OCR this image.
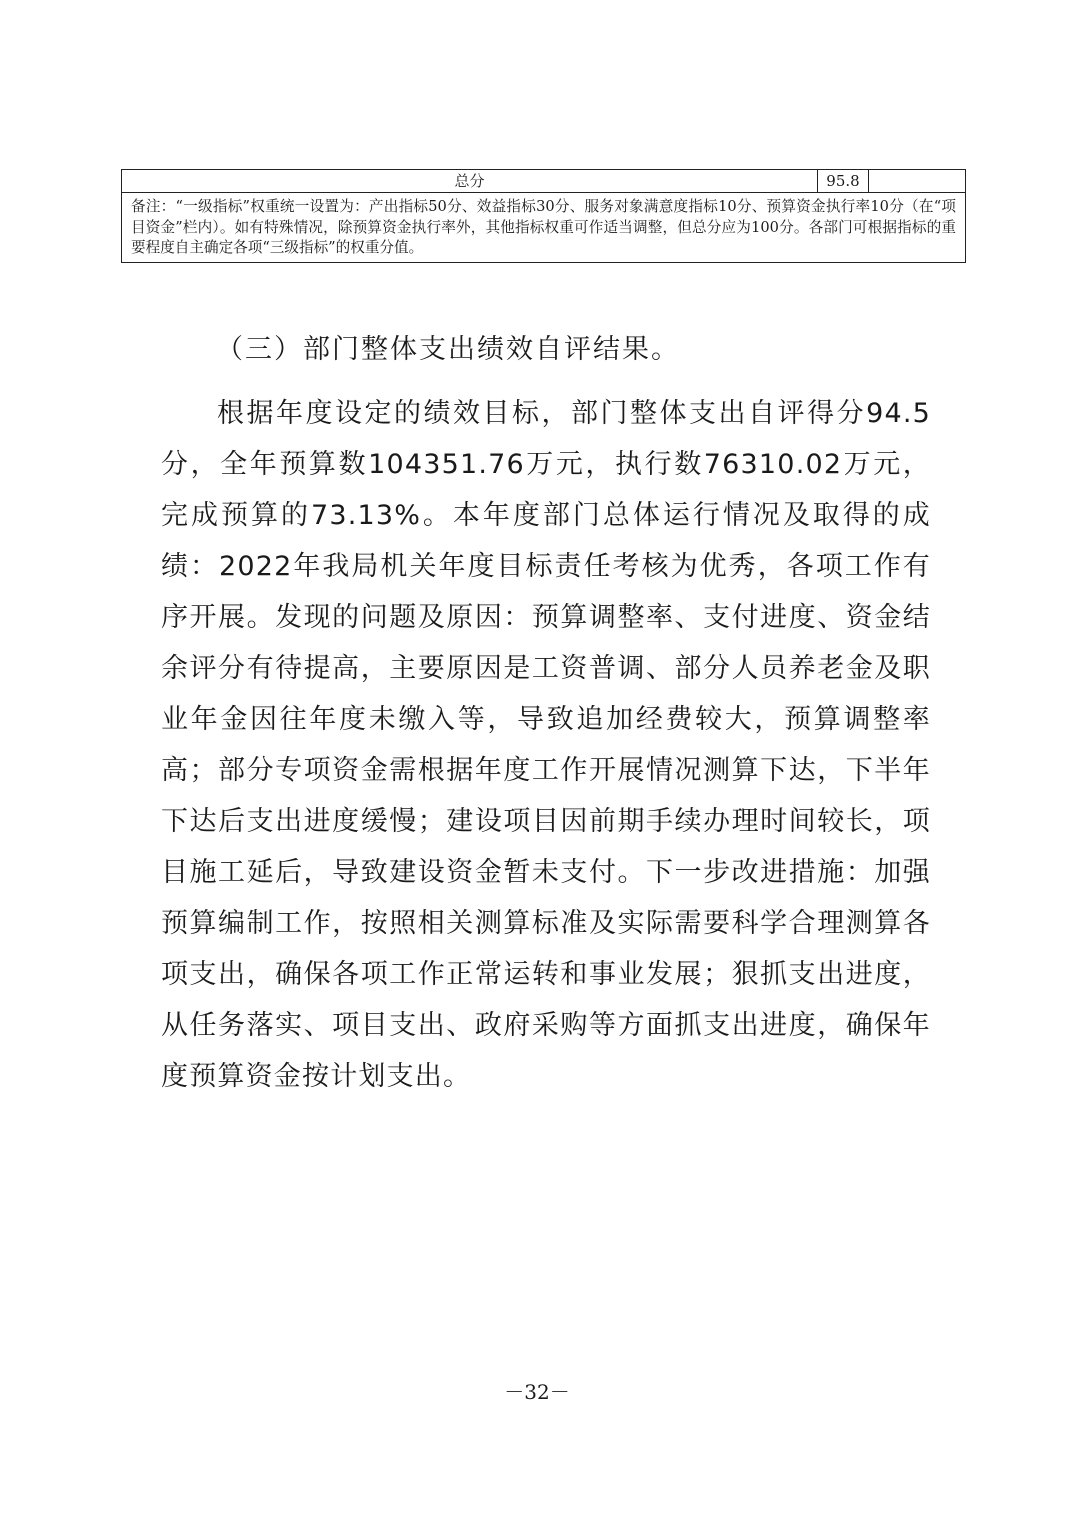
总分	95.8	
备注：“一级指标”权重统一设置为：产出指标50分、效益指标30分、服务对象满意度指标10分、预算资金执行率10分（在“项目资金”栏内）。如有特殊情况，除预算资金执行率外，其他指标权重可作适当调整，但总分应为100分。各部门可根据指标的重要程度自主确定各项“三级指标”的权重分值。
（三）部门整体支出绩效自评结果。

根据年度设定的绩效目标，部门整体支出自评得分94.5分，全年预算数104351.76万元，执行数76310.02万元，完成预算的73.13%。本年度部门总体运行情况及取得的成绩：2022年我局机关年度目标责任考核为优秀，各项工作有序开展。发现的问题及原因：预算调整率、支付进度、资金结余评分有待提高，主要原因是工资普调、部分人员养老金及职业年金因往年度未缴入等，导致追加经费较大，预算调整率高；部分专项资金需根据年度工作开展情况测算下达，下半年下达后支出进度缓慢；建设项目因前期手续办理时间较长，项目施工延后，导致建设资金暂未支付。下一步改进措施：加强预算编制工作，按照相关测算标准及实际需要科学合理测算各项支出，确保各项工作正常运转和事业发展；狠抓支出进度，从任务落实、项目支出、政府采购等方面抓支出进度，确保年度预算资金按计划支出。

－32－
